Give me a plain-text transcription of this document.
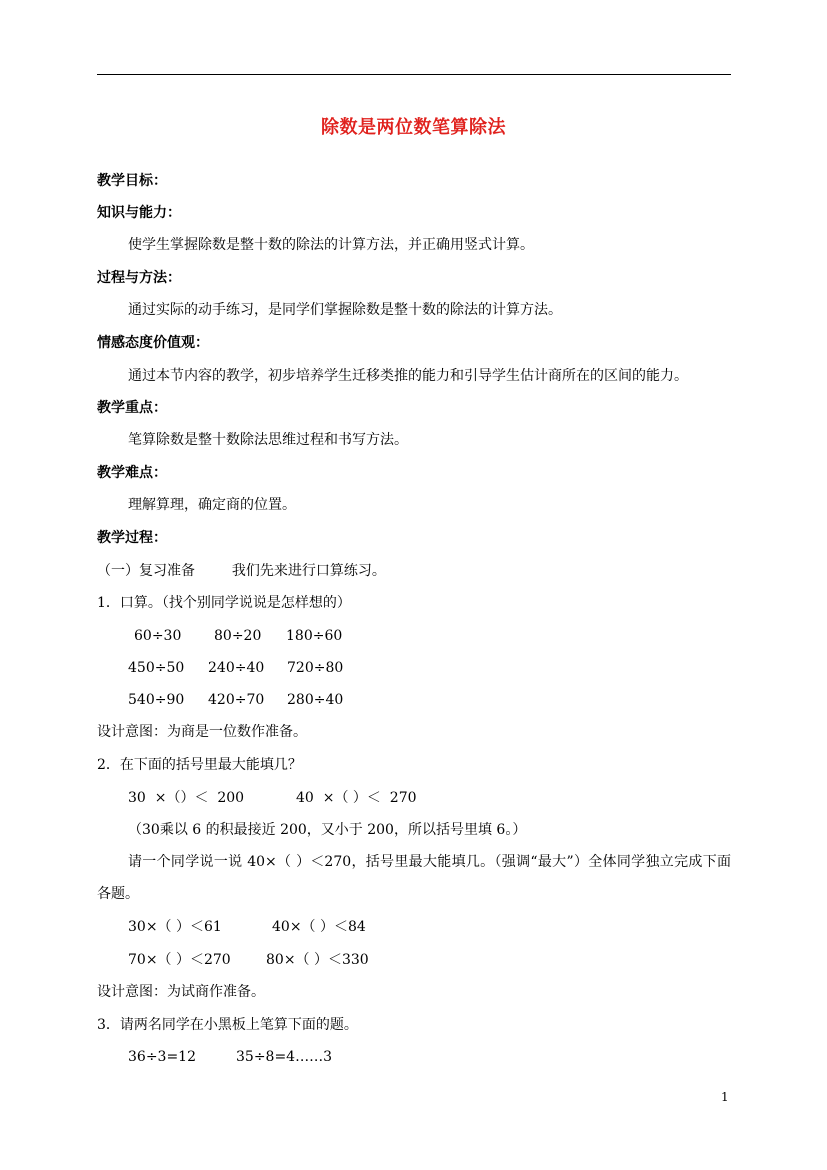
除数是两位数笔算除法
教学目标：
知识与能力：
使学生掌握除数是整十数的除法的计算方法，并正确用竖式计算。
过程与方法：
通过实际的动手练习，是同学们掌握除数是整十数的除法的计算方法。
情感态度价值观：
通过本节内容的教学，初步培养学生迁移类推的能力和引导学生估计商所在的区间的能力。
教学重点：
笔算除数是整十数除法思维过程和书写方法。
教学难点：
理解算理，确定商的位置。
教学过程：
（一）复习准备	我们先来进行口算练习。
1．口算。（找个别同学说说是怎样想的）
60÷30 80÷20 180÷60
450÷50 240÷40 720÷80
540÷90 420÷70 280÷40
设计意图：为商是一位数作准备。
2．在下面的括号里最大能填几？
30  ×（）＜  200	40  ×（ ）＜  270
（30乘以 6 的积最接近 200，又小于 200，所以括号里填 6。）
请一个同学说一说 40×（ ）＜270，括号里最大能填几。（强调“最大”）全体同学独立完成下面各题。
30×（ ）＜61	40×（ ）＜84
70×（ ）＜270	80×（ ）＜330
设计意图：为试商作准备。
3．请两名同学在小黑板上笔算下面的题。
36÷3=12	35÷8=4……3
1
